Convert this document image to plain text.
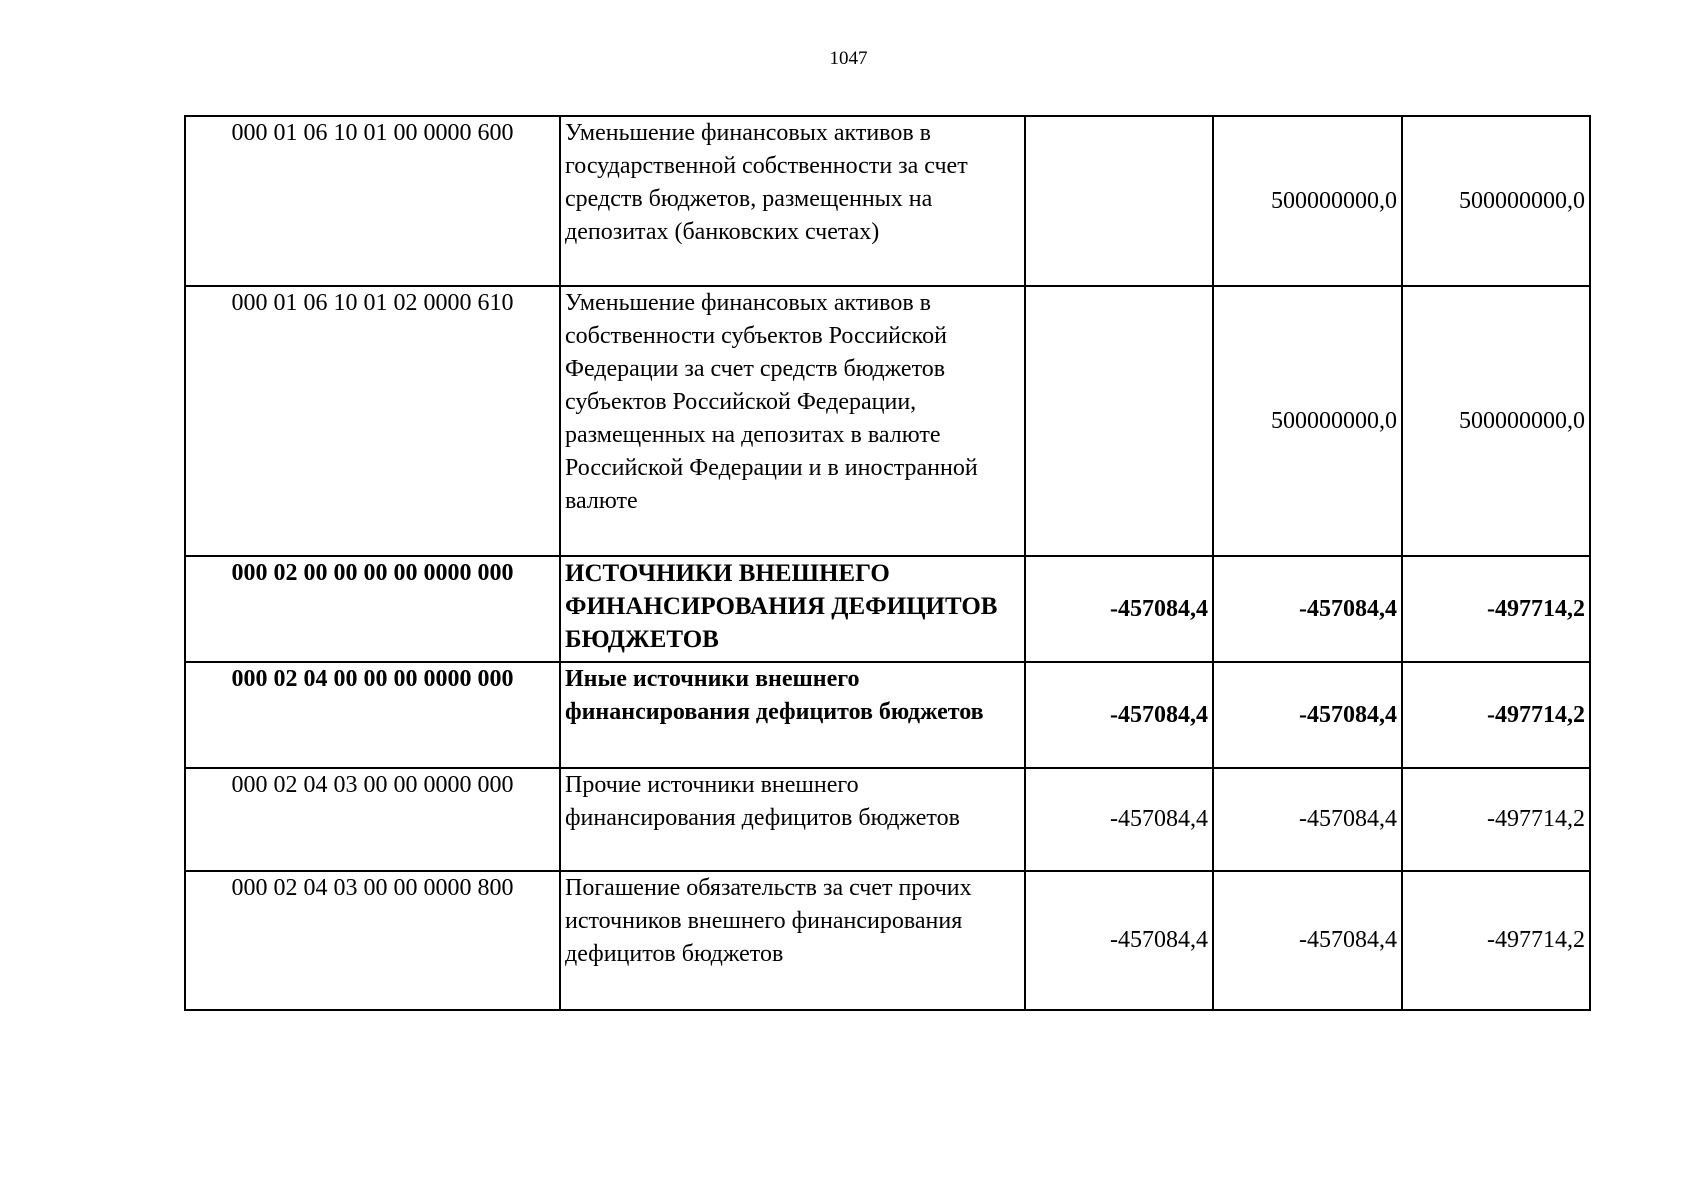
1047
000 01 06 10 01 00 0000 600	Уменьшение финансовых активов в государственной собственности за счет средств бюджетов, размещенных на депозитах (банковских счетах)		500000000,0	500000000,0
000 01 06 10 01 02 0000 610	Уменьшение финансовых активов в собственности субъектов Российской Федерации за счет средств бюджетов субъектов Российской Федерации, размещенных на депозитах в валюте Российской Федерации и в иностранной валюте		500000000,0	500000000,0
000 02 00 00 00 00 0000 000	ИСТОЧНИКИ ВНЕШНЕГО ФИНАНСИРОВАНИЯ ДЕФИЦИТОВ БЮДЖЕТОВ	-457084,4	-457084,4	-497714,2
000 02 04 00 00 00 0000 000	Иные источники внешнего финансирования дефицитов бюджетов	-457084,4	-457084,4	-497714,2
000 02 04 03 00 00 0000 000	Прочие источники внешнего финансирования дефицитов бюджетов	-457084,4	-457084,4	-497714,2
000 02 04 03 00 00 0000 800	Погашение обязательств за счет прочих источников внешнего финансирования дефицитов бюджетов	-457084,4	-457084,4	-497714,2
